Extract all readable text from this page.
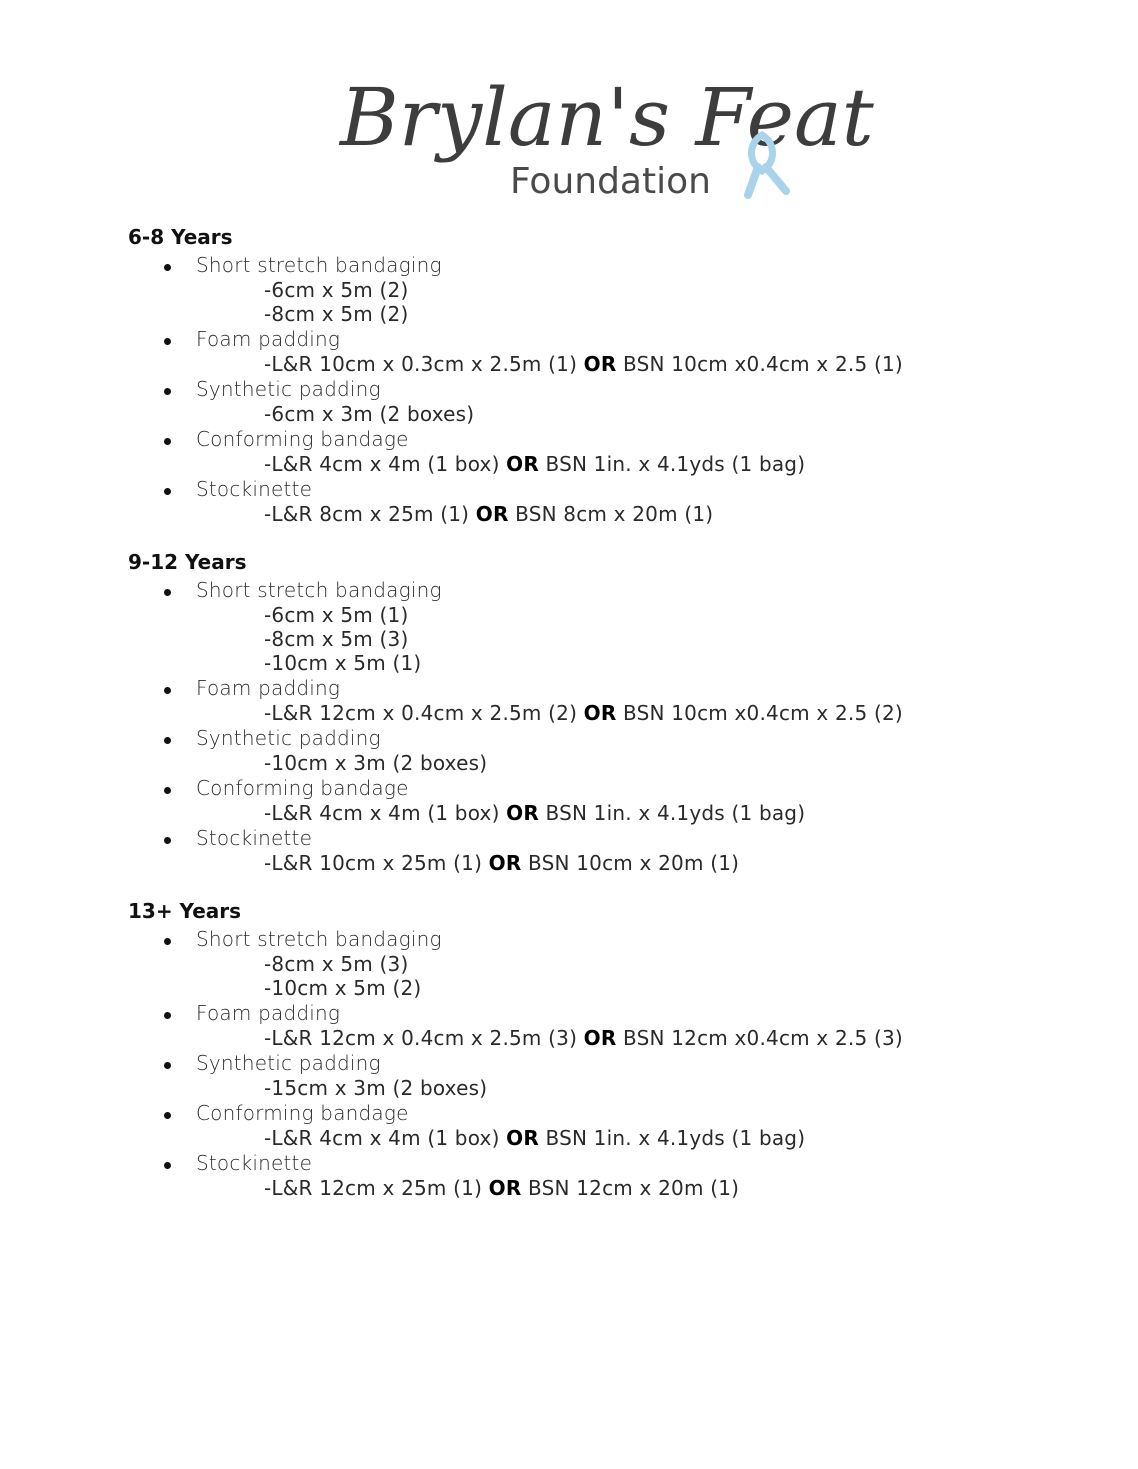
Brylan's Feat
Foundation
6-8 Years
Short stretch bandaging
-6cm x 5m (2)
-8cm x 5m (2)
Foam padding
-L&R 10cm x 0.3cm x 2.5m (1) OR BSN 10cm x0.4cm x 2.5 (1)
Synthetic padding
-6cm x 3m (2 boxes)
Conforming bandage
-L&R 4cm x 4m (1 box) OR BSN 1in. x 4.1yds (1 bag)
Stockinette
-L&R 8cm x 25m (1) OR BSN 8cm x 20m (1)
9-12 Years
Short stretch bandaging
-6cm x 5m (1)
-8cm x 5m (3)
-10cm x 5m (1)
Foam padding
-L&R 12cm x 0.4cm x 2.5m (2) OR BSN 10cm x0.4cm x 2.5 (2)
Synthetic padding
-10cm x 3m (2 boxes)
Conforming bandage
-L&R 4cm x 4m (1 box) OR BSN 1in. x 4.1yds (1 bag)
Stockinette
-L&R 10cm x 25m (1) OR BSN 10cm x 20m (1)
13+ Years
Short stretch bandaging
-8cm x 5m (3)
-10cm x 5m (2)
Foam padding
-L&R 12cm x 0.4cm x 2.5m (3) OR BSN 12cm x0.4cm x 2.5 (3)
Synthetic padding
-15cm x 3m (2 boxes)
Conforming bandage
-L&R 4cm x 4m (1 box) OR BSN 1in. x 4.1yds (1 bag)
Stockinette
-L&R 12cm x 25m (1) OR BSN 12cm x 20m (1)
